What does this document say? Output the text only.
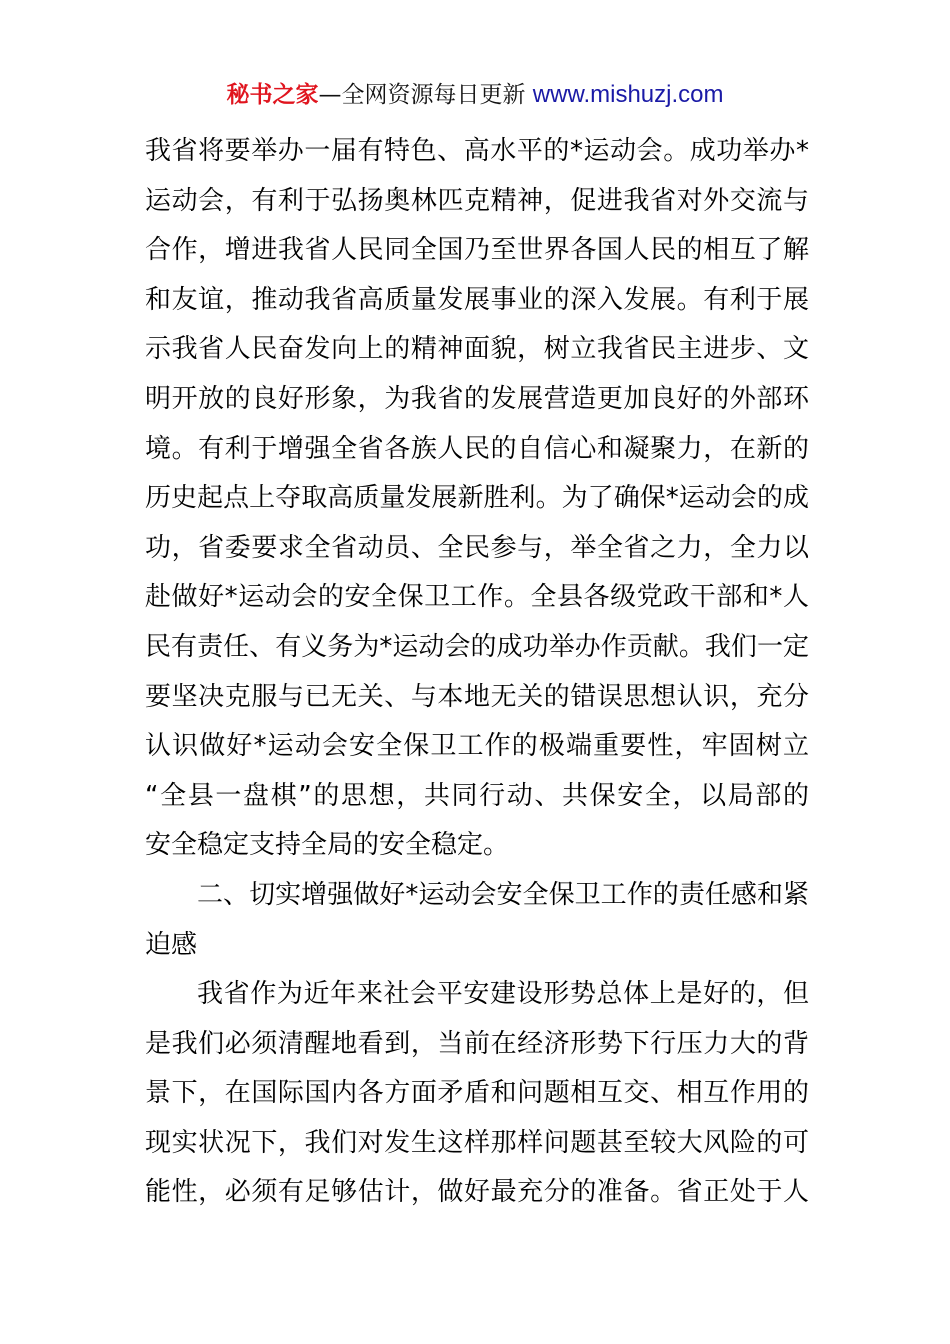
秘书之家—全网资源每日更新 www.mishuzj.com
我省将要举办一届有特色、高水平的*运动会。成功举办*
运动会，有利于弘扬奥林匹克精神，促进我省对外交流与
合作，增进我省人民同全国乃至世界各国人民的相互了解
和友谊，推动我省高质量发展事业的深入发展。有利于展
示我省人民奋发向上的精神面貌，树立我省民主进步、文
明开放的良好形象，为我省的发展营造更加良好的外部环
境。有利于增强全省各族人民的自信心和凝聚力，在新的
历史起点上夺取高质量发展新胜利。为了确保*运动会的成
功，省委要求全省动员、全民参与，举全省之力，全力以
赴做好*运动会的安全保卫工作。全县各级党政干部和*人
民有责任、有义务为*运动会的成功举办作贡献。我们一定
要坚决克服与已无关、与本地无关的错误思想认识，充分
认识做好*运动会安全保卫工作的极端重要性，牢固树立
“全县一盘棋”的思想，共同行动、共保安全，以局部的
安全稳定支持全局的安全稳定。
二、切实增强做好*运动会安全保卫工作的责任感和紧
迫感
我省作为近年来社会平安建设形势总体上是好的，但
是我们必须清醒地看到，当前在经济形势下行压力大的背
景下，在国际国内各方面矛盾和问题相互交、相互作用的
现实状况下，我们对发生这样那样问题甚至较大风险的可
能性，必须有足够估计，做好最充分的准备。省正处于人
